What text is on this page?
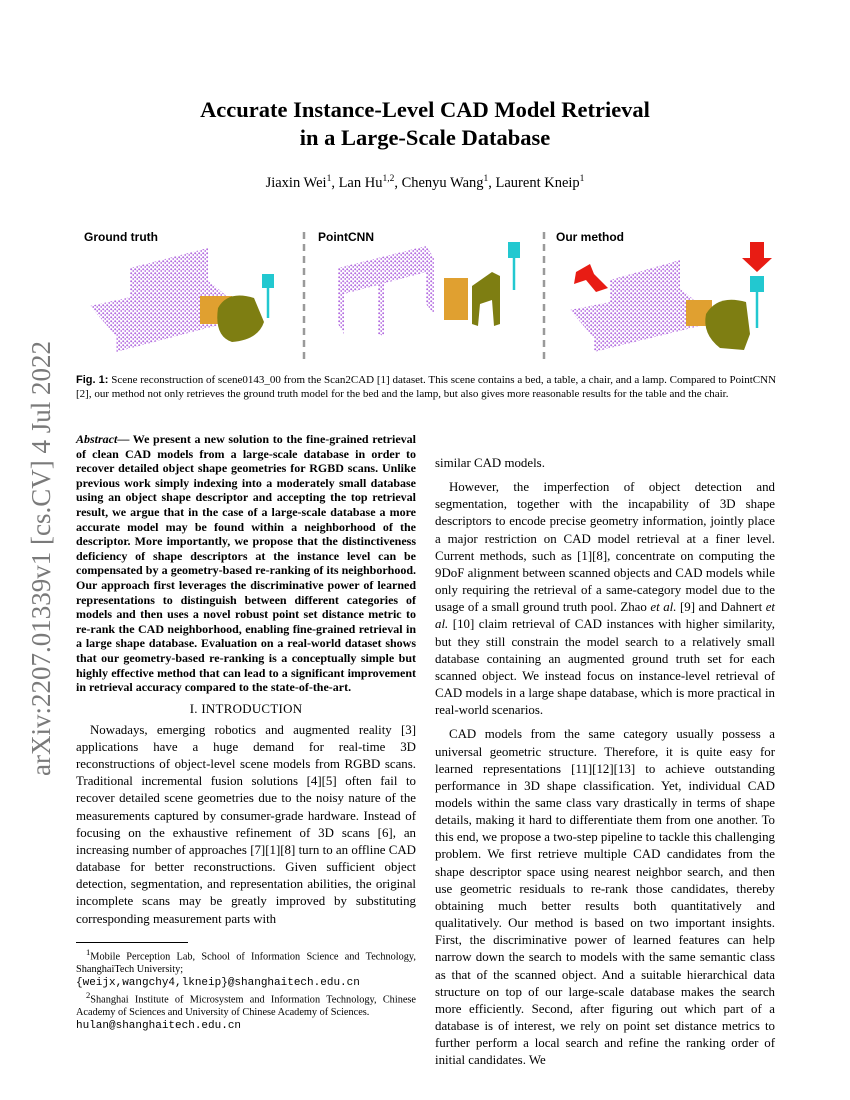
arXiv:2207.01339v1 [cs.CV] 4 Jul 2022
Accurate Instance-Level CAD Model Retrieval
in a Large-Scale Database
Jiaxin Wei$^1$, Lan Hu$^{1,2}$, Chenyu Wang$^1$, Laurent Kneip$^1$
Ground truth	PointCNN	Our method
Fig. 1: Scene reconstruction of scene0143_00 from the Scan2CAD [1] dataset. This scene contains a bed, a table, a chair, and a lamp. Compared to PointCNN [2], our method not only retrieves the ground truth model for the bed and the lamp, but also gives more reasonable results for the table and the chair.
Abstract— We present a new solution to the fine-grained retrieval of clean CAD models from a large-scale database in order to recover detailed object shape geometries for RGBD scans. Unlike previous work simply indexing into a moderately small database using an object shape descriptor and accepting the top retrieval result, we argue that in the case of a large-scale database a more accurate model may be found within a neighborhood of the descriptor. More importantly, we propose that the distinctiveness deficiency of shape descriptors at the instance level can be compensated by a geometry-based re-ranking of its neighborhood. Our approach first leverages the discriminative power of learned representations to distinguish between different categories of models and then uses a novel robust point set distance metric to re-rank the CAD neighborhood, enabling fine-grained retrieval in a large shape database. Evaluation on a real-world dataset shows that our geometry-based re-ranking is a conceptually simple but highly effective method that can lead to a significant improvement in retrieval accuracy compared to the state-of-the-art.
I. INTRODUCTION

Nowadays, emerging robotics and augmented reality [3] applications have a huge demand for real-time 3D reconstructions of object-level scene models from RGBD scans. Traditional incremental fusion solutions [4][5] often fail to recover detailed scene geometries due to the noisy nature of the measurements captured by consumer-grade hardware. Instead of focusing on the exhaustive refinement of 3D scans [6], an increasing number of approaches [7][1][8] turn to an offline CAD database for better reconstructions. Given sufficient object detection, segmentation, and representation abilities, the original incomplete scans may be greatly improved by substituting corresponding measurement parts with

$^1$Mobile Perception Lab, School of Information Science and Technology, ShanghaiTech University;

{weijx,wangchy4,lkneip}@shanghaitech.edu.cn

$^2$Shanghai Institute of Microsystem and Information Technology, Chinese Academy of Sciences and University of Chinese Academy of Sciences.

hulan@shanghaitech.edu.cn

similar CAD models.

However, the imperfection of object detection and segmentation, together with the incapability of 3D shape descriptors to encode precise geometry information, jointly place a major restriction on CAD model retrieval at a finer level. Current methods, such as [1][8], concentrate on computing the 9DoF alignment between scanned objects and CAD models while only requiring the retrieval of a same-category model due to the usage of a small ground truth pool. Zhao et al. [9] and Dahnert et al. [10] claim retrieval of CAD instances with higher similarity, but they still constrain the model search to a relatively small database containing an augmented ground truth set for each scanned object. We instead focus on instance-level retrieval of CAD models in a large shape database, which is more practical in real-world scenarios.

CAD models from the same category usually possess a universal geometric structure. Therefore, it is quite easy for learned representations [11][12][13] to achieve outstanding performance in 3D shape classification. Yet, individual CAD models within the same class vary drastically in terms of shape details, making it hard to differentiate them from one another. To this end, we propose a two-step pipeline to tackle this challenging problem. We first retrieve multiple CAD candidates from the shape descriptor space using nearest neighbor search, and then use geometric residuals to re-rank those candidates, thereby obtaining much better results both quantitatively and qualitatively. Our method is based on two important insights. First, the discriminative power of learned features can help narrow down the search to models with the same semantic class as that of the scanned object. And a suitable hierarchical data structure on top of our large-scale database makes the search more efficiently. Second, after figuring out which part of a database is of interest, we rely on point set distance metrics to further perform a local search and refine the ranking order of initial candidates. We
